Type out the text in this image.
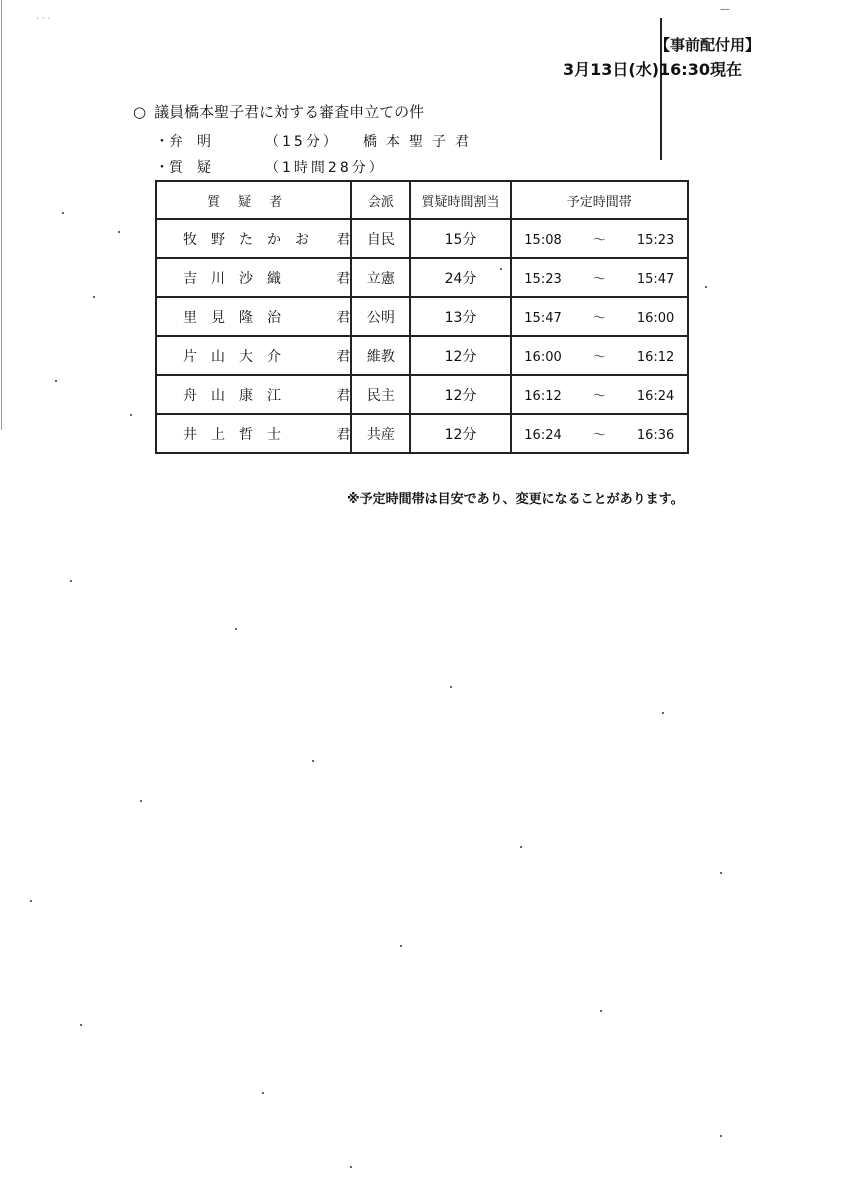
· · ·
—
【事前配付用】
3月13日(水)16:30現在
○ 議員橋本聖子君に対する審査申立ての件
・弁明	（15分） 橋本聖子君
・質疑	（1時間28分）
質疑者	会派	質疑時間割当	予定時間帯
牧野たかお 君	自民	15分	15:08 〜 15:23
吉川沙織 君	立憲	24分	15:23 〜 15:47
里見隆治 君	公明	13分	15:47 〜 16:00
片山大介 君	維教	12分	16:00 〜 16:12
舟山康江 君	民主	12分	16:12 〜 16:24
井上哲士 君	共産	12分	16:24 〜 16:36
※予定時間帯は目安であり、変更になることがあります。
